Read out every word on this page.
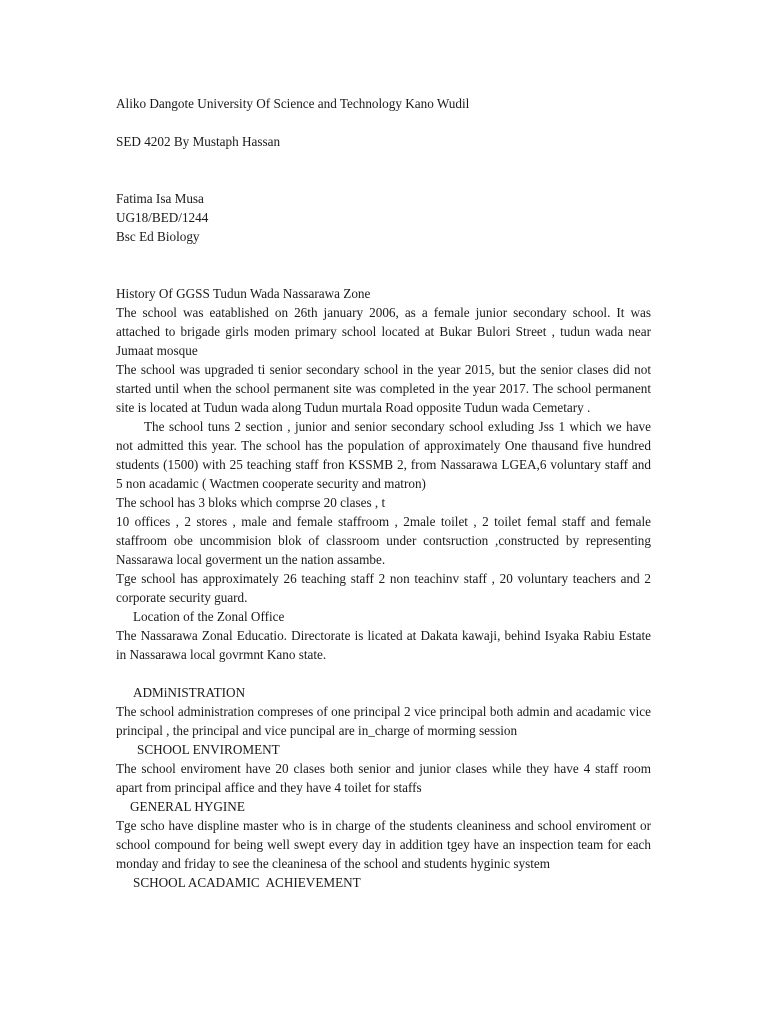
Aliko Dangote University Of Science and Technology Kano Wudil
SED 4202 By Mustaph Hassan
Fatima Isa Musa
UG18/BED/1244
Bsc Ed Biology
History Of GGSS Tudun Wada Nassarawa Zone

The school was eatablished on 26th january 2006, as a female junior secondary school. It was attached to brigade girls moden primary school located at Bukar Bulori Street , tudun wada near Jumaat mosque

The school was upgraded ti senior secondary school in the year 2015, but the senior clases did not started until when the school permanent site was completed in the year 2017. The school permanent site is located at Tudun wada along Tudun murtala Road opposite Tudun wada Cemetary .

The school tuns 2 section , junior and senior secondary school exluding Jss 1 which we have not admitted this year. The school has the population of approximately One thausand five hundred students (1500) with 25 teaching staff fron KSSMB 2, from Nassarawa LGEA,6 voluntary staff and 5 non acadamic ( Wactmen cooperate security and matron)

The school has 3 bloks which comprse 20 clases , t

10 offices , 2 stores , male and female staffroom , 2male toilet , 2 toilet femal staff and female staffroom obe uncommision blok of classroom under contsruction ,constructed by representing Nassarawa local goverment un the nation assambe.

Tge school has approximately 26 teaching staff 2 non teachinv staff , 20 voluntary teachers and 2 corporate security guard.

Location of the Zonal Office

The Nassarawa Zonal Educatio. Directorate is licated at Dakata kawaji, behind Isyaka Rabiu Estate in Nassarawa local govrmnt Kano state.

ADMiNISTRATION

The school administration compreses of one principal 2 vice principal both admin and acadamic vice principal , the principal and vice puncipal are in_charge of morming session

SCHOOL ENVIROMENT

The school enviroment have 20 clases both senior and junior clases while they have 4 staff room apart from principal affice and they have 4 toilet for staffs

GENERAL HYGINE

Tge scho have displine master who is in charge of the students cleaniness and school enviroment or school compound for being well swept every day in addition tgey have an inspection team for each monday and friday to see the cleaninesa of the school and students hyginic system

SCHOOL ACADAMIC  ACHIEVEMENT
